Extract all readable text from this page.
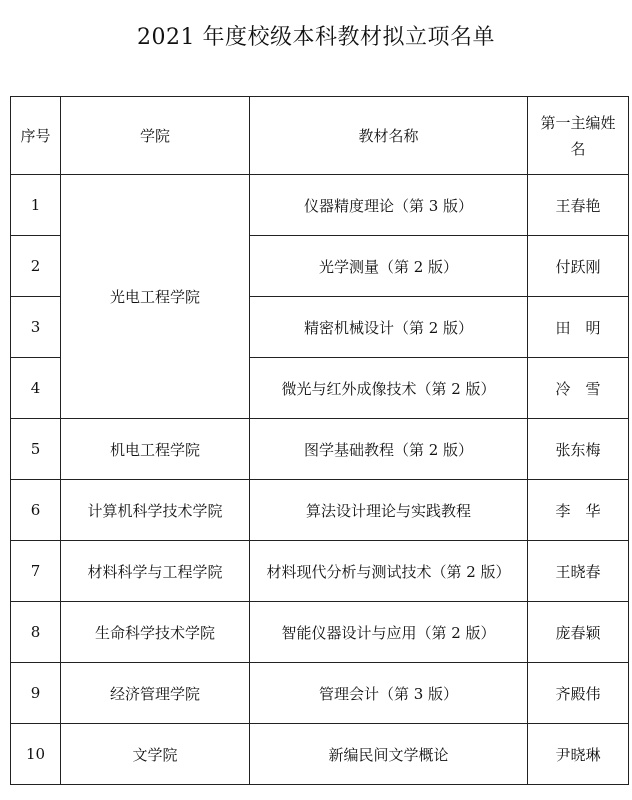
2021 年度校级本科教材拟立项名单
序号	学院	教材名称	第一主编姓名
1	光电工程学院	仪器精度理论（第 3 版）	王春艳
2		光学测量（第 2 版）	付跃刚
3		精密机械设计（第 2 版）	田　明
4		微光与红外成像技术（第 2 版）	冷　雪
5	机电工程学院	图学基础教程（第 2 版）	张东梅
6	计算机科学技术学院	算法设计理论与实践教程	李　华
7	材料科学与工程学院	材料现代分析与测试技术（第 2 版）	王晓春
8	生命科学技术学院	智能仪器设计与应用（第 2 版）	庞春颖
9	经济管理学院	管理会计（第 3 版）	齐殿伟
10	文学院	新编民间文学概论	尹晓琳
